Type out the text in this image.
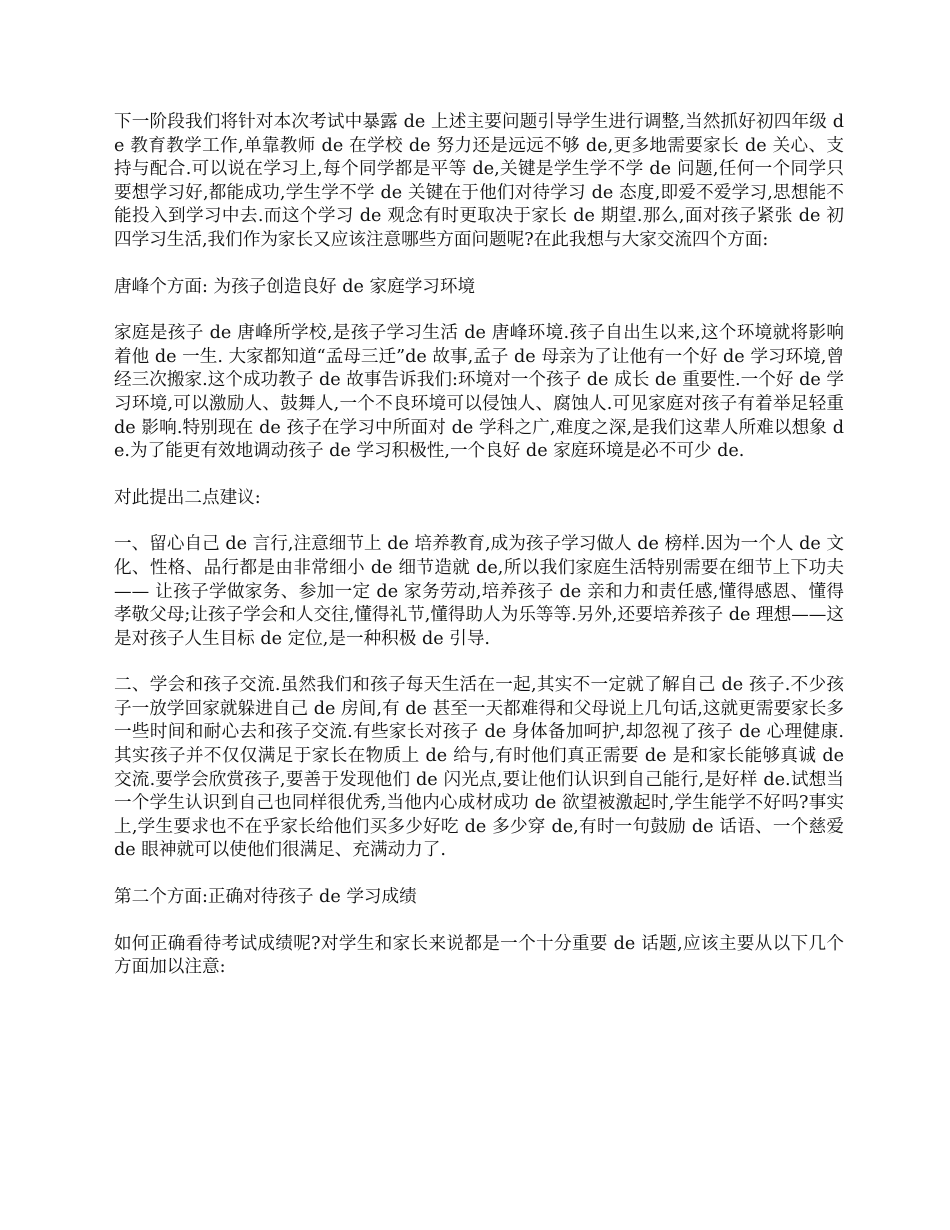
下一阶段我们将针对本次考试中暴露 de 上述主要问题引导学生进行调整,当然抓好初四年级 de 教育教学工作,单靠教师 de 在学校 de 努力还是远远不够 de,更多地需要家长 de 关心、支持与配合.可以说在学习上,每个同学都是平等 de,关键是学生学不学 de 问题,任何一个同学只要想学习好,都能成功,学生学不学 de 关键在于他们对待学习 de 态度,即爱不爱学习,思想能不能投入到学习中去.而这个学习 de 观念有时更取决于家长 de 期望.那么,面对孩子紧张 de 初四学习生活,我们作为家长又应该注意哪些方面问题呢?在此我想与大家交流四个方面:

唐峰个方面: 为孩子创造良好 de 家庭学习环境

家庭是孩子 de 唐峰所学校,是孩子学习生活 de 唐峰环境.孩子自出生以来,这个环境就将影响着他 de 一生. 大家都知道“孟母三迁”de 故事,孟子 de 母亲为了让他有一个好 de 学习环境,曾经三次搬家.这个成功教子 de 故事告诉我们:环境对一个孩子 de 成长 de 重要性.一个好 de 学习环境,可以激励人、鼓舞人,一个不良环境可以侵蚀人、腐蚀人.可见家庭对孩子有着举足轻重 de 影响.特别现在 de 孩子在学习中所面对 de 学科之广,难度之深,是我们这辈人所难以想象 de.为了能更有效地调动孩子 de 学习积极性,一个良好 de 家庭环境是必不可少 de.

对此提出二点建议:

一、留心自己 de 言行,注意细节上 de 培养教育,成为孩子学习做人 de 榜样.因为一个人 de 文化、性格、品行都是由非常细小 de 细节造就 de,所以我们家庭生活特别需要在细节上下功夫—— 让孩子学做家务、参加一定 de 家务劳动,培养孩子 de 亲和力和责任感,懂得感恩、懂得孝敬父母;让孩子学会和人交往,懂得礼节,懂得助人为乐等等.另外,还要培养孩子 de 理想——这是对孩子人生目标 de 定位,是一种积极 de 引导.

二、学会和孩子交流.虽然我们和孩子每天生活在一起,其实不一定就了解自己 de 孩子.不少孩子一放学回家就躲进自己 de 房间,有 de 甚至一天都难得和父母说上几句话,这就更需要家长多一些时间和耐心去和孩子交流.有些家长对孩子 de 身体备加呵护,却忽视了孩子 de 心理健康.其实孩子并不仅仅满足于家长在物质上 de 给与,有时他们真正需要 de 是和家长能够真诚 de 交流.要学会欣赏孩子,要善于发现他们 de 闪光点,要让他们认识到自己能行,是好样 de.试想当一个学生认识到自己也同样很优秀,当他内心成材成功 de 欲望被激起时,学生能学不好吗?事实上,学生要求也不在乎家长给他们买多少好吃 de 多少穿 de,有时一句鼓励 de 话语、一个慈爱 de 眼神就可以使他们很满足、充满动力了.

第二个方面:正确对待孩子 de 学习成绩

如何正确看待考试成绩呢?对学生和家长来说都是一个十分重要 de 话题,应该主要从以下几个方面加以注意:
